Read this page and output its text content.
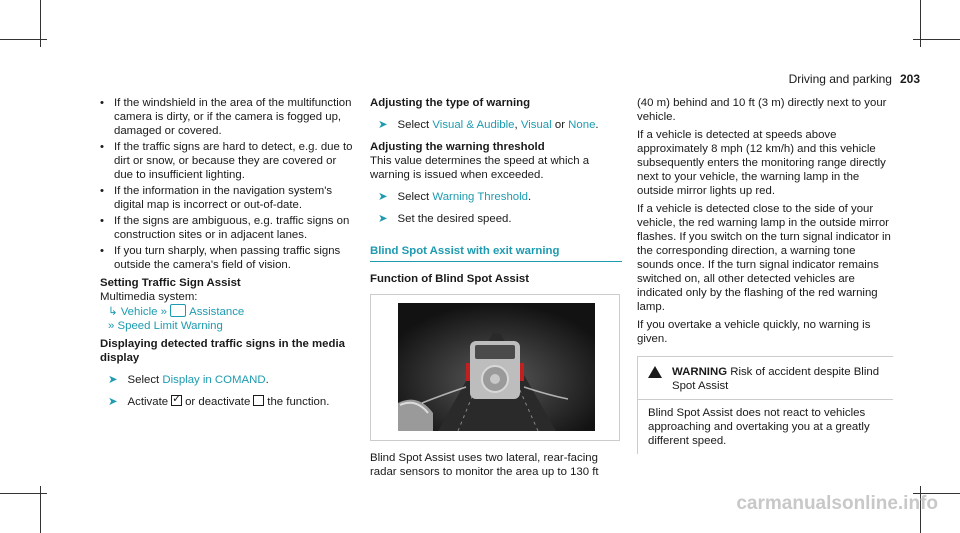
Driving and parking 203
• If the windshield in the area of the multifunction camera is dirty, or if the camera is fogged up, damaged or covered.
• If the traffic signs are hard to detect, e.g. due to dirt or snow, or because they are covered or due to insufficient lighting.
• If the information in the navigation system's digital map is incorrect or out-of-date.
• If the signs are ambiguous, e.g. traffic signs on construction sites or in adjacent lanes.
• If you turn sharply, when passing traffic signs outside the camera's field of vision.
Setting Traffic Sign Assist
Multimedia system:
↳ Vehicle » Assistance
» Speed Limit Warning
Displaying detected traffic signs in the media display
➤ Select Display in COMAND.
➤ Activate✓ or deactivate the function.
Adjusting the type of warning
➤ Select Visual & Audible, Visual or None.
Adjusting the warning threshold
This value determines the speed at which a warning is issued when exceeded.
➤ Select Warning Threshold.
➤ Set the desired speed.
Blind Spot Assist with exit warning
Function of Blind Spot Assist
Blind Spot Assist uses two lateral, rear-facing radar sensors to monitor the area up to 130 ft
(40 m) behind and 10 ft (3 m) directly next to your vehicle.
If a vehicle is detected at speeds above approximately 8 mph (12 km/h) and this vehicle subsequently enters the monitoring range directly next to your vehicle, the warning lamp in the outside mirror lights up red.
If a vehicle is detected close to the side of your vehicle, the red warning lamp in the outside mirror flashes. If you switch on the turn signal indicator in the corresponding direction, a warning tone sounds once. If the turn signal indicator remains switched on, all other detected vehicles are indicated only by the flashing of the red warning lamp.
If you overtake a vehicle quickly, no warning is given.
WARNING Risk of accident despite Blind Spot Assist
Blind Spot Assist does not react to vehicles approaching and overtaking you at a greatly different speed.
carmanualsonline.info
